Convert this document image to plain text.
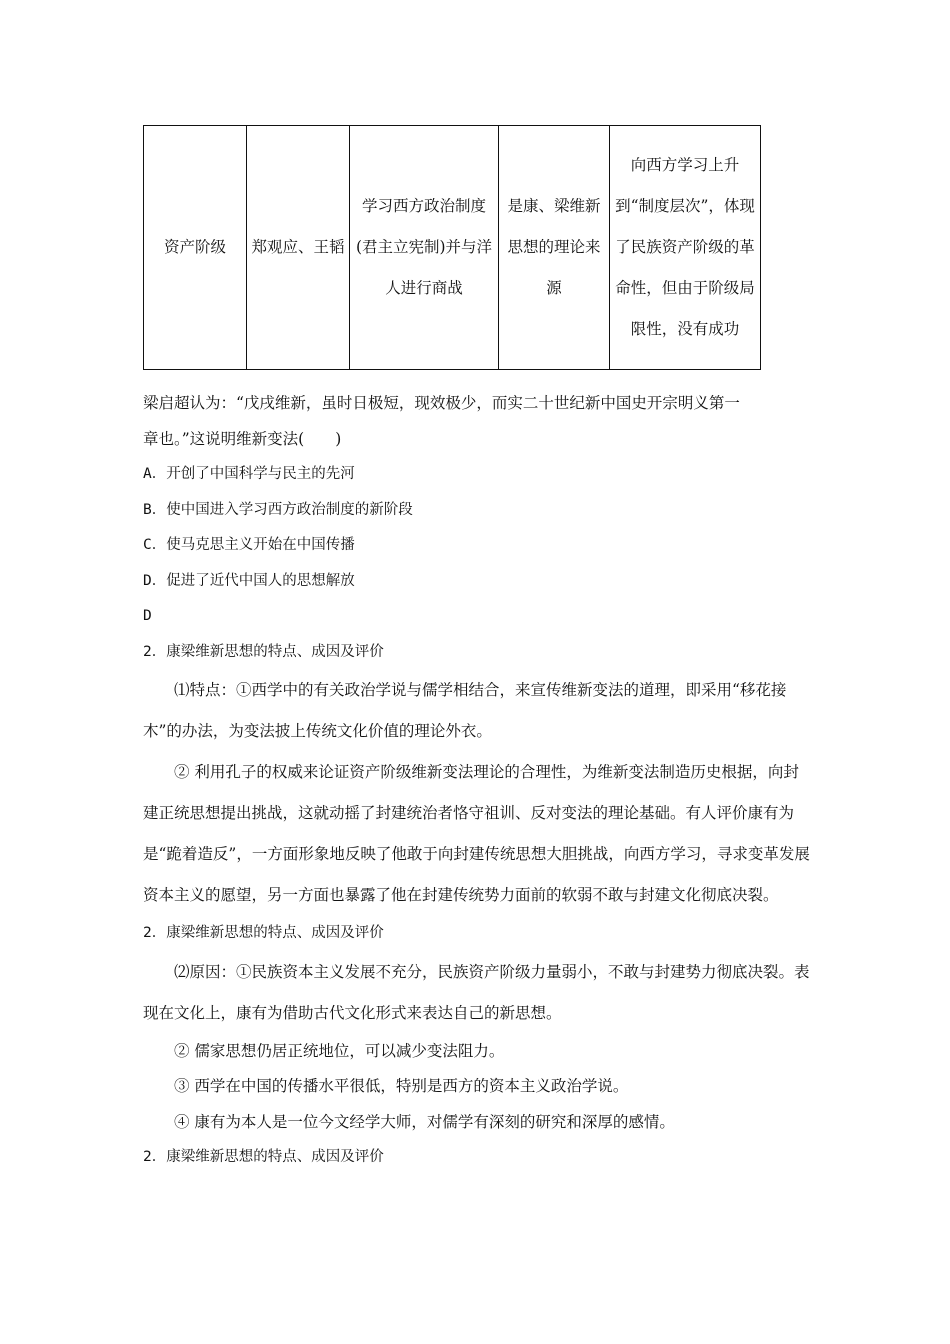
资产阶级	郑观应、王韬	学习西方政治制度(君主立宪制)并与洋人进行商战	是康、梁维新思想的理论来源	向西方学习上升到“制度层次”，体现了民族资产阶级的革命性，但由于阶级局限性，没有成功

梁启超认为：“戊戌维新，虽时日极短，现效极少，而实二十世纪新中国史开宗明义第一

章也。”这说明维新变法(　　)

A．开创了中国科学与民主的先河

B．使中国进入学习西方政治制度的新阶段

C．使马克思主义开始在中国传播

D．促进了近代中国人的思想解放

D

2．康梁维新思想的特点、成因及评价

⑴特点：①西学中的有关政治学说与儒学相结合，来宣传维新变法的道理，即采用“移花接木”的办法，为变法披上传统文化价值的理论外衣。

② 利用孔子的权威来论证资产阶级维新变法理论的合理性，为维新变法制造历史根据，向封建正统思想提出挑战，这就动摇了封建统治者恪守祖训、反对变法的理论基础。有人评价康有为是“跪着造反”，一方面形象地反映了他敢于向封建传统思想大胆挑战，向西方学习，寻求变革发展资本主义的愿望，另一方面也暴露了他在封建传统势力面前的软弱不敢与封建文化彻底决裂。

2．康梁维新思想的特点、成因及评价

⑵原因：①民族资本主义发展不充分，民族资产阶级力量弱小，不敢与封建势力彻底决裂。表现在文化上，康有为借助古代文化形式来表达自己的新思想。

② 儒家思想仍居正统地位，可以减少变法阻力。

③ 西学在中国的传播水平很低，特别是西方的资本主义政治学说。

④ 康有为本人是一位今文经学大师，对儒学有深刻的研究和深厚的感情。

2．康梁维新思想的特点、成因及评价
